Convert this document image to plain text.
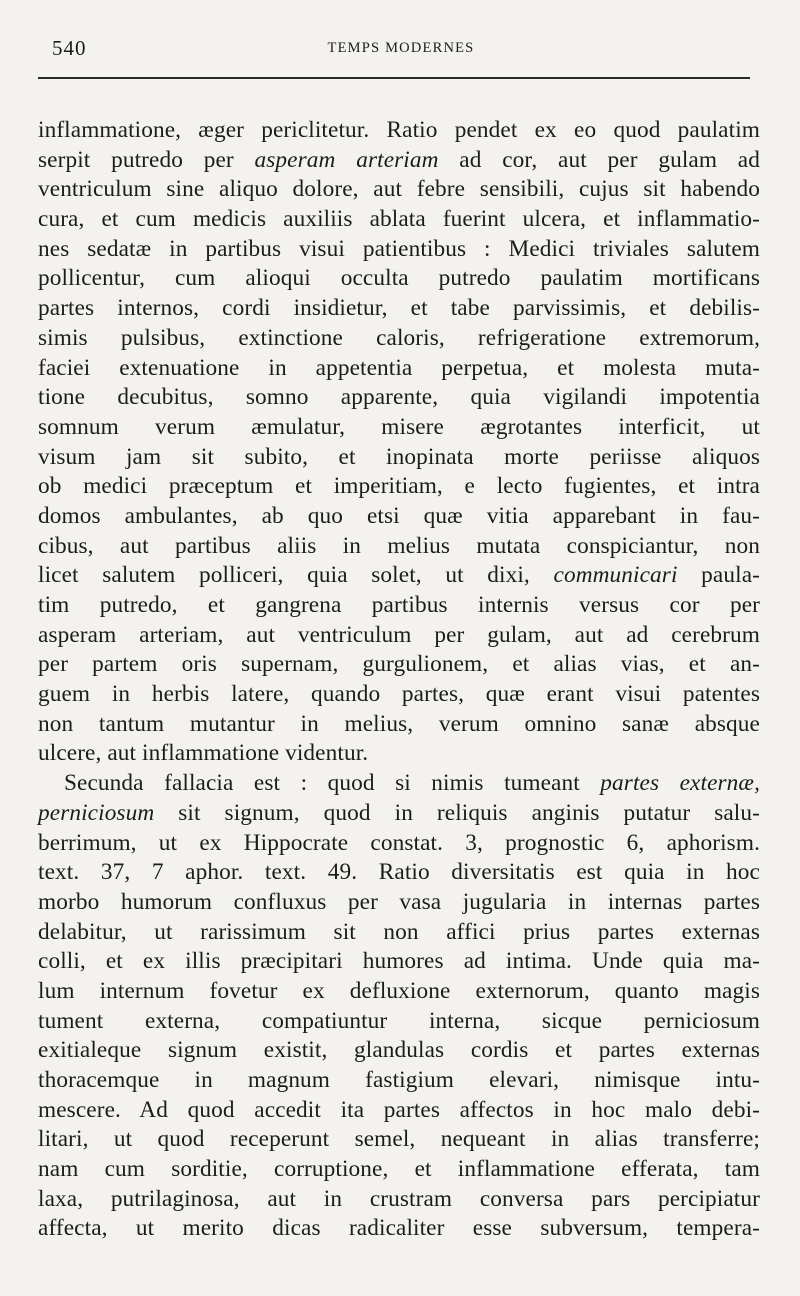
540	TEMPS MODERNES
inflammatione, æger periclitetur. Ratio pendet ex eo quod paulatim
serpit putredo per asperam arteriam ad cor, aut per gulam ad
ventriculum sine aliquo dolore, aut febre sensibili, cujus sit habendo
cura, et cum medicis auxiliis ablata fuerint ulcera, et inflammatio-
nes sedatæ in partibus visui patientibus : Medici triviales salutem
pollicentur, cum alioqui occulta putredo paulatim mortificans
partes internos, cordi insidietur, et tabe parvissimis, et debilis-
simis pulsibus, extinctione caloris, refrigeratione extremorum,
faciei extenuatione in appetentia perpetua, et molesta muta-
tione decubitus, somno apparente, quia vigilandi impotentia
somnum verum æmulatur, misere ægrotantes interficit, ut
visum jam sit subito, et inopinata morte periisse aliquos
ob medici præceptum et imperitiam, e lecto fugientes, et intra
domos ambulantes, ab quo etsi quæ vitia apparebant in fau-
cibus, aut partibus aliis in melius mutata conspiciantur, non
licet salutem polliceri, quia solet, ut dixi, communicari paula-
tim putredo, et gangrena partibus internis versus cor per
asperam arteriam, aut ventriculum per gulam, aut ad cerebrum
per partem oris supernam, gurgulionem, et alias vias, et an-
guem in herbis latere, quando partes, quæ erant visui patentes
non tantum mutantur in melius, verum omnino sanæ absque
ulcere, aut inflammatione videntur.
Secunda fallacia est : quod si nimis tumeant partes externæ,
perniciosum sit signum, quod in reliquis anginis putatur salu-
berrimum, ut ex Hippocrate constat. 3, prognostic 6, aphorism.
text. 37, 7 aphor. text. 49. Ratio diversitatis est quia in hoc
morbo humorum confluxus per vasa jugularia in internas partes
delabitur, ut rarissimum sit non affici prius partes externas
colli, et ex illis præcipitari humores ad intima. Unde quia ma-
lum internum fovetur ex defluxione externorum, quanto magis
tument externa, compatiuntur interna, sicque perniciosum
exitialeque signum existit, glandulas cordis et partes externas
thoracemque in magnum fastigium elevari, nimisque intu-
mescere. Ad quod accedit ita partes affectos in hoc malo debi-
litari, ut quod receperunt semel, nequeant in alias transferre;
nam cum sorditie, corruptione, et inflammatione efferata, tam
laxa, putrilaginosa, aut in crustram conversa pars percipiatur
affecta, ut merito dicas radicaliter esse subversum, tempera-
